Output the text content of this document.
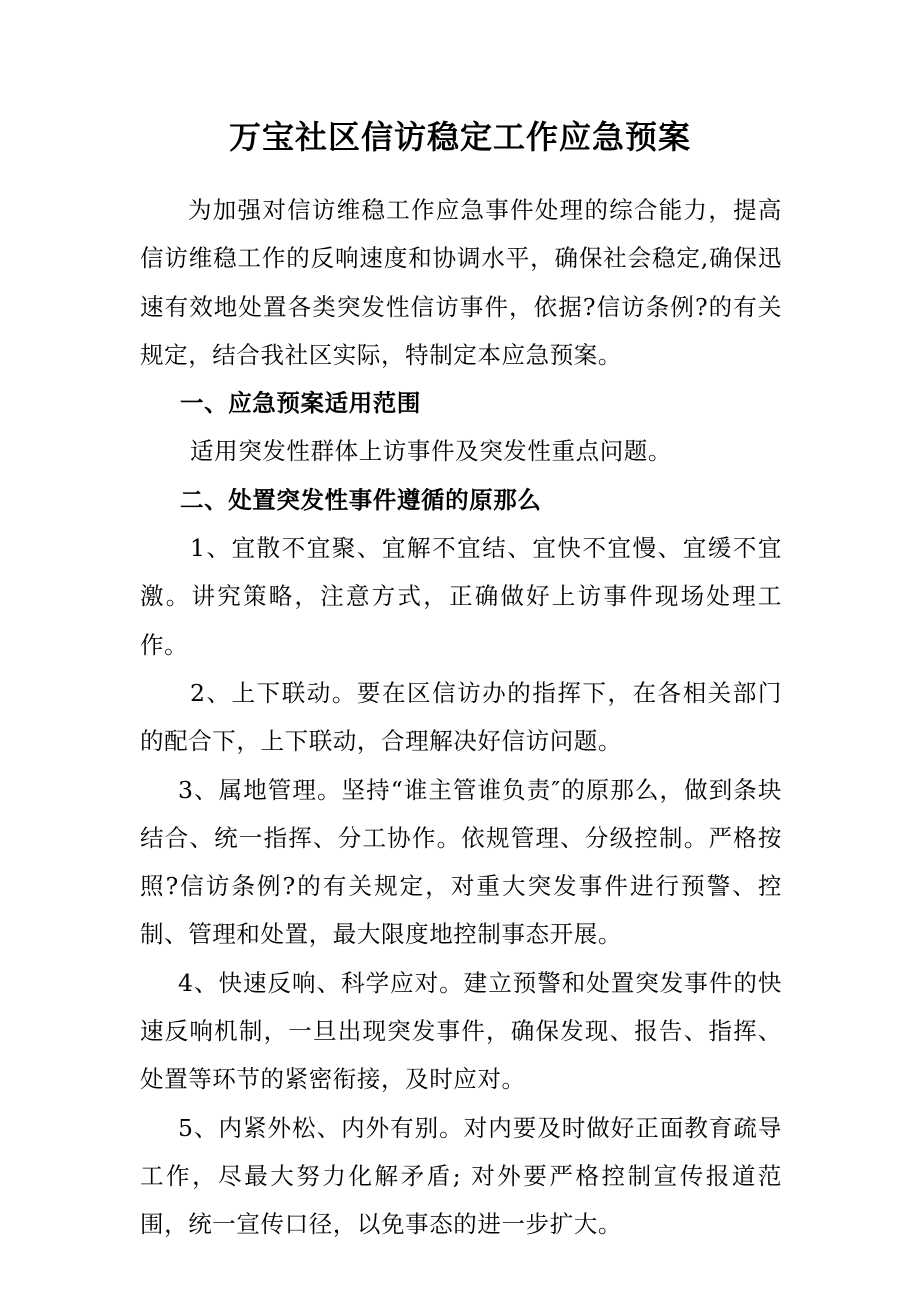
万宝社区信访稳定工作应急预案

为加强对信访维稳工作应急事件处理的综合能力，提高信访维稳工作的反响速度和协调水平，确保社会稳定,确保迅速有效地处置各类突发性信访事件，依据?信访条例?的有关规定，结合我社区实际，特制定本应急预案。

一、应急预案适用范围

适用突发性群体上访事件及突发性重点问题。

二、处置突发性事件遵循的原那么

1、宜散不宜聚、宜解不宜结、宜快不宜慢、宜缓不宜激。讲究策略，注意方式，正确做好上访事件现场处理工作。

2、上下联动。要在区信访办的指挥下，在各相关部门的配合下，上下联动，合理解决好信访问题。

3、属地管理。坚持“谁主管谁负责″的原那么，做到条块结合、统一指挥、分工协作。依规管理、分级控制。严格按照?信访条例?的有关规定，对重大突发事件进行预警、控制、管理和处置，最大限度地控制事态开展。

4、快速反响、科学应对。建立预警和处置突发事件的快速反响机制，一旦出现突发事件，确保发现、报告、指挥、处置等环节的紧密衔接，及时应对。

5、内紧外松、内外有别。对内要及时做好正面教育疏导工作，尽最大努力化解矛盾; 对外要严格控制宣传报道范围，统一宣传口径，以免事态的进一步扩大。
